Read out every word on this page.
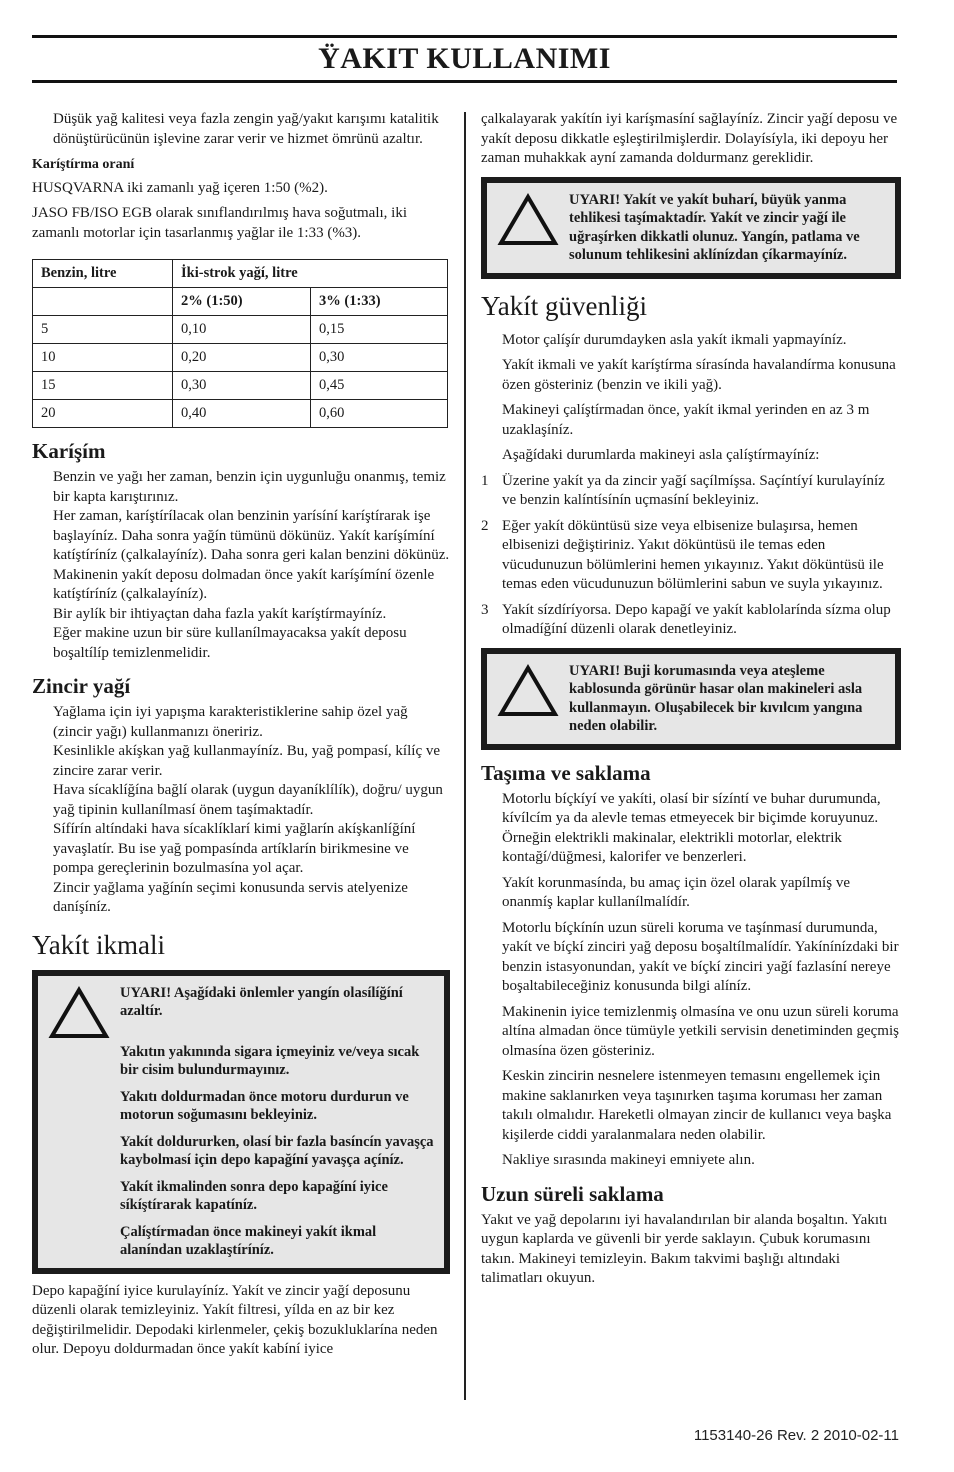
ŸAKIT KULLANIMI

Düşük yağ kalitesi veya fazla zengin yağ/yakıt karışımı katalitik dönüştürücünün işlevine zarar verir ve hizmet ömrünü azaltır.

Karíştírma oraní

HUSQVARNA iki zamanlı yağ içeren 1:50 (%2).

JASO FB/ISO EGB olarak sınıflandırılmış hava soğutmalı, iki zamanlı motorlar için tasarlanmış yağlar ile 1:33 (%3).

Benzin, litre	İki-strok yağí, litre	
	2% (1:50)	3% (1:33)
5	0,10	0,15
10	0,20	0,30
15	0,30	0,45
20	0,40	0,60
Karíşím

Benzin ve yağı her zaman, benzin için uygunluğu onanmış, temiz bir kapta karıştırınız.

Her zaman, karíştírílacak olan benzinin yarísíní karíştírarak işe başlayíníz. Daha sonra yağín tümünü dökünüz. Yakít karíşímíní katíştíríníz (çalkalayíníz). Daha sonra geri kalan benzini dökünüz.

Makinenin yakít deposu dolmadan önce yakít karíşímíní özenle katíştíríníz (çalkalayíníz).

Bir aylík bir ihtiyaçtan daha fazla yakít karíştírmayíníz.

Eğer makine uzun bir süre kullanílmayacaksa yakít deposu boşaltílíp temizlenmelidir.

Zincir yağí

Yağlama için iyi yapışma karakteristiklerine sahip özel yağ (zincir yağı) kullanmanızı öneririz.

Kesinlikle akíşkan yağ kullanmayíníz. Bu, yağ pompasí, kílíç ve zincire zarar verir.

Hava sícaklíğína bağlí olarak (uygun dayaníklílík), doğru/ uygun yağ tipinin kullanílmasí önem taşímaktadír.

Sífírín altíndaki hava sícaklíklarí kimi yağlarín akíşkanlíğíní yavaşlatír. Bu ise yağ pompasínda artíklarín birikmesine ve pompa gereçlerinin bozulmasína yol açar.

Zincir yağlama yağínín seçimi konusunda servis atelyenize daníşíníz.

Yakít ikmali

UYARI! Aşağídaki önlemler yangín olasílíğíní azaltír.

Yakıtın yakınında sigara içmeyiniz ve/veya sıcak bir cisim bulundurmayınız.

Yakıtı doldurmadan önce motoru durdurun ve motorun soğumasını bekleyiniz.

Yakít doldururken, olasí bir fazla basíncín yavaşça kaybolmasí için depo kapağíní yavaşça açíníz.

Yakít ikmalinden sonra depo kapağíní iyice síkíştírarak kapatíníz.

Çalíştírmadan önce makineyi yakít ikmal alaníndan uzaklaştíríníz.

Depo kapağíní iyice kurulayíníz. Yakít ve zincir yağí deposunu düzenli olarak temizleyiniz. Yakít filtresi, yílda en az bir kez değiştirilmelidir. Depodaki kirlenmeler, çekiş bozukluklarína neden olur. Depoyu doldurmadan önce yakít kabíní iyice

çalkalayarak yakítín iyi karíşmasíní sağlayíníz. Zincir yağí deposu ve yakít deposu dikkatle eşleştirilmişlerdir. Dolayísíyla, iki depoyu her zaman muhakkak ayní zamanda doldurmanz gereklidir.

UYARI! Yakít ve yakít buharí, büyük yanma tehlikesi taşímaktadír. Yakít ve zincir yağí ile uğraşírken dikkatli olunuz. Yangín, patlama ve solunum tehlikesini aklínízdan çíkarmayíníz.

Yakít güvenliği

Motor çalíşír durumdayken asla yakít ikmali yapmayíníz.

Yakít ikmali ve yakít karíştírma sírasínda havalandírma konusuna özen gösteriniz (benzin ve ikili yağ).

Makineyi çalíştírmadan önce, yakít ikmal yerinden en az 3 m uzaklaşíníz.

Aşağídaki durumlarda makineyi asla çalíştírmayíníz:

1 Üzerine yakít ya da zincir yağí saçílmíşsa. Saçíntíyí kurulayíníz ve benzin kalíntísínín uçmasíní bekleyiniz.
2 Eğer yakít döküntüsü size veya elbisenize bulaşırsa, hemen elbisenizi değiştiriniz. Yakıt döküntüsü ile temas eden vücudunuzun bölümlerini hemen yıkayınız. Yakıt döküntüsü ile temas eden vücudunuzun bölümlerini sabun ve suyla yıkayınız.
3 Yakít sízdíríyorsa. Depo kapağí ve yakít kablolarínda sízma olup olmadíğíní düzenli olarak denetleyiniz.

UYARI! Buji korumasında veya ateşleme kablosunda görünür hasar olan makineleri asla kullanmayın. Oluşabilecek bir kıvılcım yangına neden olabilir.

Taşıma ve saklama

Motorlu bíçkíyí ve yakíti, olasí bir sízíntí ve buhar durumunda, kívílcím ya da alevle temas etmeyecek bir biçimde koruyunuz. Örneğin elektrikli makinalar, elektrikli motorlar, elektrik kontağí/düğmesi, kalorifer ve benzerleri.

Yakít korunmasínda, bu amaç için özel olarak yapílmíş ve onanmíş kaplar kullanílmalídír.

Motorlu bíçkínín uzun süreli koruma ve taşínmasí durumunda, yakít ve bíçkí zinciri yağ deposu boşaltílmalídír. Yakínínízdaki bir benzin istasyonundan, yakít ve bíçkí zinciri yağí fazlasíní nereye boşaltabileceğiniz konusunda bilgi alíníz.

Makinenin iyice temizlenmiş olmasína ve onu uzun süreli koruma altína almadan önce tümüyle yetkili servisin denetiminden geçmiş olmasína özen gösteriniz.

Keskin zincirin nesnelere istenmeyen temasını engellemek için makine saklanırken veya taşınırken taşıma koruması her zaman takılı olmalıdır. Hareketli olmayan zincir de kullanıcı veya başka kişilerde ciddi yaralanmalara neden olabilir.

Nakliye sırasında makineyi emniyete alın.

Uzun süreli saklama

Yakıt ve yağ depolarını iyi havalandırılan bir alanda boşaltın. Yakıtı uygun kaplarda ve güvenli bir yerde saklayın. Çubuk korumasını takın. Makineyi temizleyin. Bakım takvimi başlığı altındaki talimatları okuyun.

1153140-26 Rev. 2 2010-02-11
